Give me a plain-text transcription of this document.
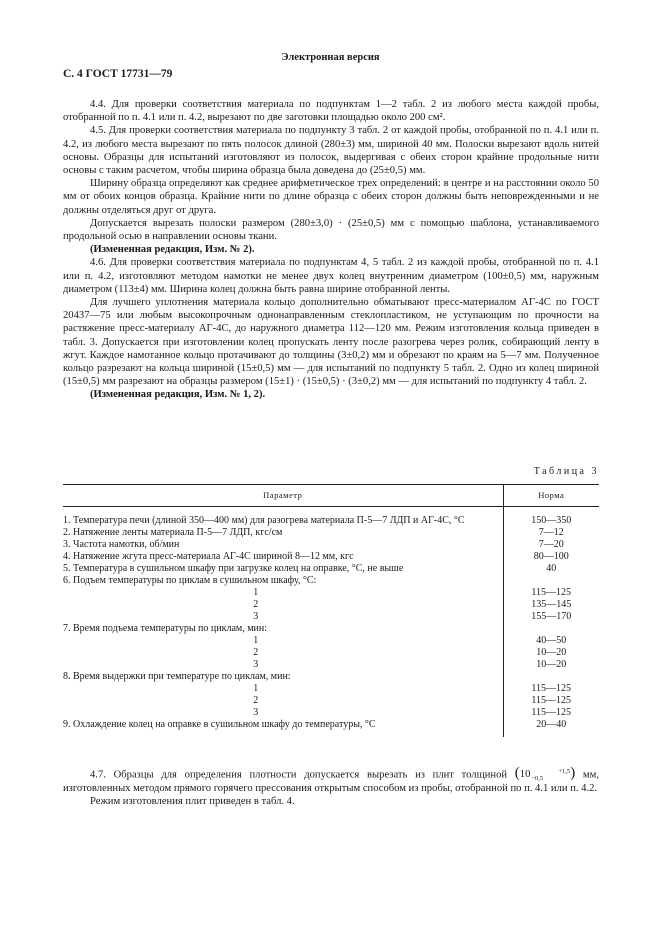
Электронная версия
С. 4 ГОСТ 17731—79

4.4. Для проверки соответствия материала по подпунктам 1—2 табл. 2 из любого места каждой пробы, отобранной по п. 4.1 или п. 4.2, вырезают по две заготовки площадью около 200 см².

4.5. Для проверки соответствия материала по подпункту 3 табл. 2 от каждой пробы, отобранной по п. 4.1 или п. 4.2, из любого места вырезают по пять полосок длиной (280±3) мм, шириной 40 мм. Полоски вырезают вдоль нитей основы. Образцы для испытаний изготовляют из полосок, выдергивая с обеих сторон крайние продольные нити основы с таким расчетом, чтобы ширина образца была доведена до (25±0,5) мм.

Ширину образца определяют как среднее арифметическое трех определений: в центре и на расстоянии около 50 мм от обоих концов образца. Крайние нити по длине образца с обеих сторон должны быть неповрежденными и не должны отделяться друг от друга.

Допускается вырезать полоски размером (280±3,0) · (25±0,5) мм с помощью шаблона, устанавливаемого продольной осью в направлении основы ткани.

(Измененная редакция, Изм. № 2).

4.6. Для проверки соответствия материала по подпунктам 4, 5 табл. 2 из каждой пробы, отобранной по п. 4.1 или п. 4.2, изготовляют методом намотки не менее двух колец внутренним диаметром (100±0,5) мм, наружным диаметром (113±4) мм. Ширина колец должна быть равна ширине отобранной ленты.

Для лучшего уплотнения материала кольцо дополнительно обматывают пресс-материалом АГ-4С по ГОСТ 20437—75 или любым высокопрочным однонаправленным стеклопластиком, не уступающим по прочности на растяжение пресс-материалу АГ-4С, до наружного диаметра 112—120 мм. Режим изготовления кольца приведен в табл. 3. Допускается при изготовлении колец пропускать ленту после разогрева через ролик, собирающий ленту в жгут. Каждое намотанное кольцо протачивают до толщины (3±0,2) мм и обрезают по краям на 5—7 мм. Полученное кольцо разрезают на кольца шириной (15±0,5) мм — для испытаний по подпункту 5 табл. 2. Одно из колец шириной (15±0,5) мм разрезают на образцы размером (15±1) · (15±0,5) · (3±0,2) мм — для испытаний по подпункту 4 табл. 2.

(Измененная редакция, Изм. № 1, 2).

Таблица 3
Параметр	Норма

1. Температура печи (длиной 350—400 мм) для разогрева материала П-5—7 ЛДП и АГ-4С, °С	150—350
2. Натяжение ленты материала П-5—7 ЛДП, кгс/см	7—12
3. Частота намотки, об/мин	7—20
4. Натяжение жгута пресс-материала АГ-4С шириной 8—12 мм, кгс	80—100
5. Температура в сушильном шкафу при загрузке колец на оправке, °С, не выше	40
6. Подъем температуры по циклам в сушильном шкафу, °С:	
1	115—125
2	135—145
3	155—170
7. Время подъема температуры по циклам, мин:	
1	40—50
2	10—20
3	10—20
8. Время выдержки при температуре по циклам, мин:	
1	115—125
2	115—125
3	115—125
9. Охлаждение колец на оправке в сушильном шкафу до температуры, °С	20—40

4.7. Образцы для определения плотности допускается вырезать из плит толщиной (10	+1,5
−0,5 ) мм, изготовленных методом прямого горячего прессования открытым способом из пробы, отобранной по п. 4.1 или п. 4.2.

Режим изготовления плит приведен в табл. 4.
